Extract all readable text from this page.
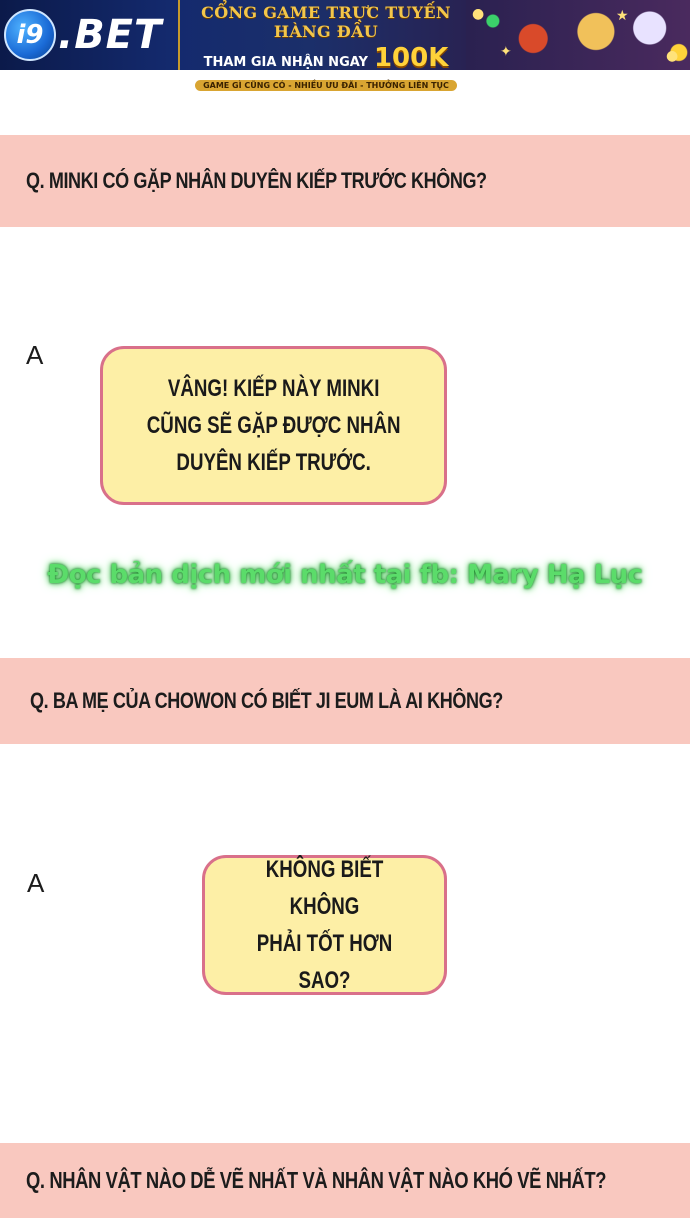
i9 .BET	CỔNG GAME TRỰC TUYẾN HÀNG ĐẦU
THAM GIA NHẬN NGAY 100K
GAME GÌ CŨNG CÓ - NHIỀU ƯU ĐÃI - THƯỞNG LIÊN TỤC
●
✦
★
●
Q. MINKI CÓ GẶP NHÂN DUYÊN KIẾP TRƯỚC KHÔNG?
A
VÂNG! KIẾP NÀY MINKI
CŨNG SẼ GẶP ĐƯỢC NHÂN
DUYÊN KIẾP TRƯỚC.
Đọc bản dịch mới nhất tại fb: Mary Hạ Lục
Q. BA MẸ CỦA CHOWON CÓ BIẾT JI EUM LÀ AI KHÔNG?
A	KHÔNG BIẾT KHÔNG
PHẢI TỐT HƠN SAO?
Q. NHÂN VẬT NÀO DỄ VẼ NHẤT VÀ NHÂN VẬT NÀO KHÓ VẼ NHẤT?
